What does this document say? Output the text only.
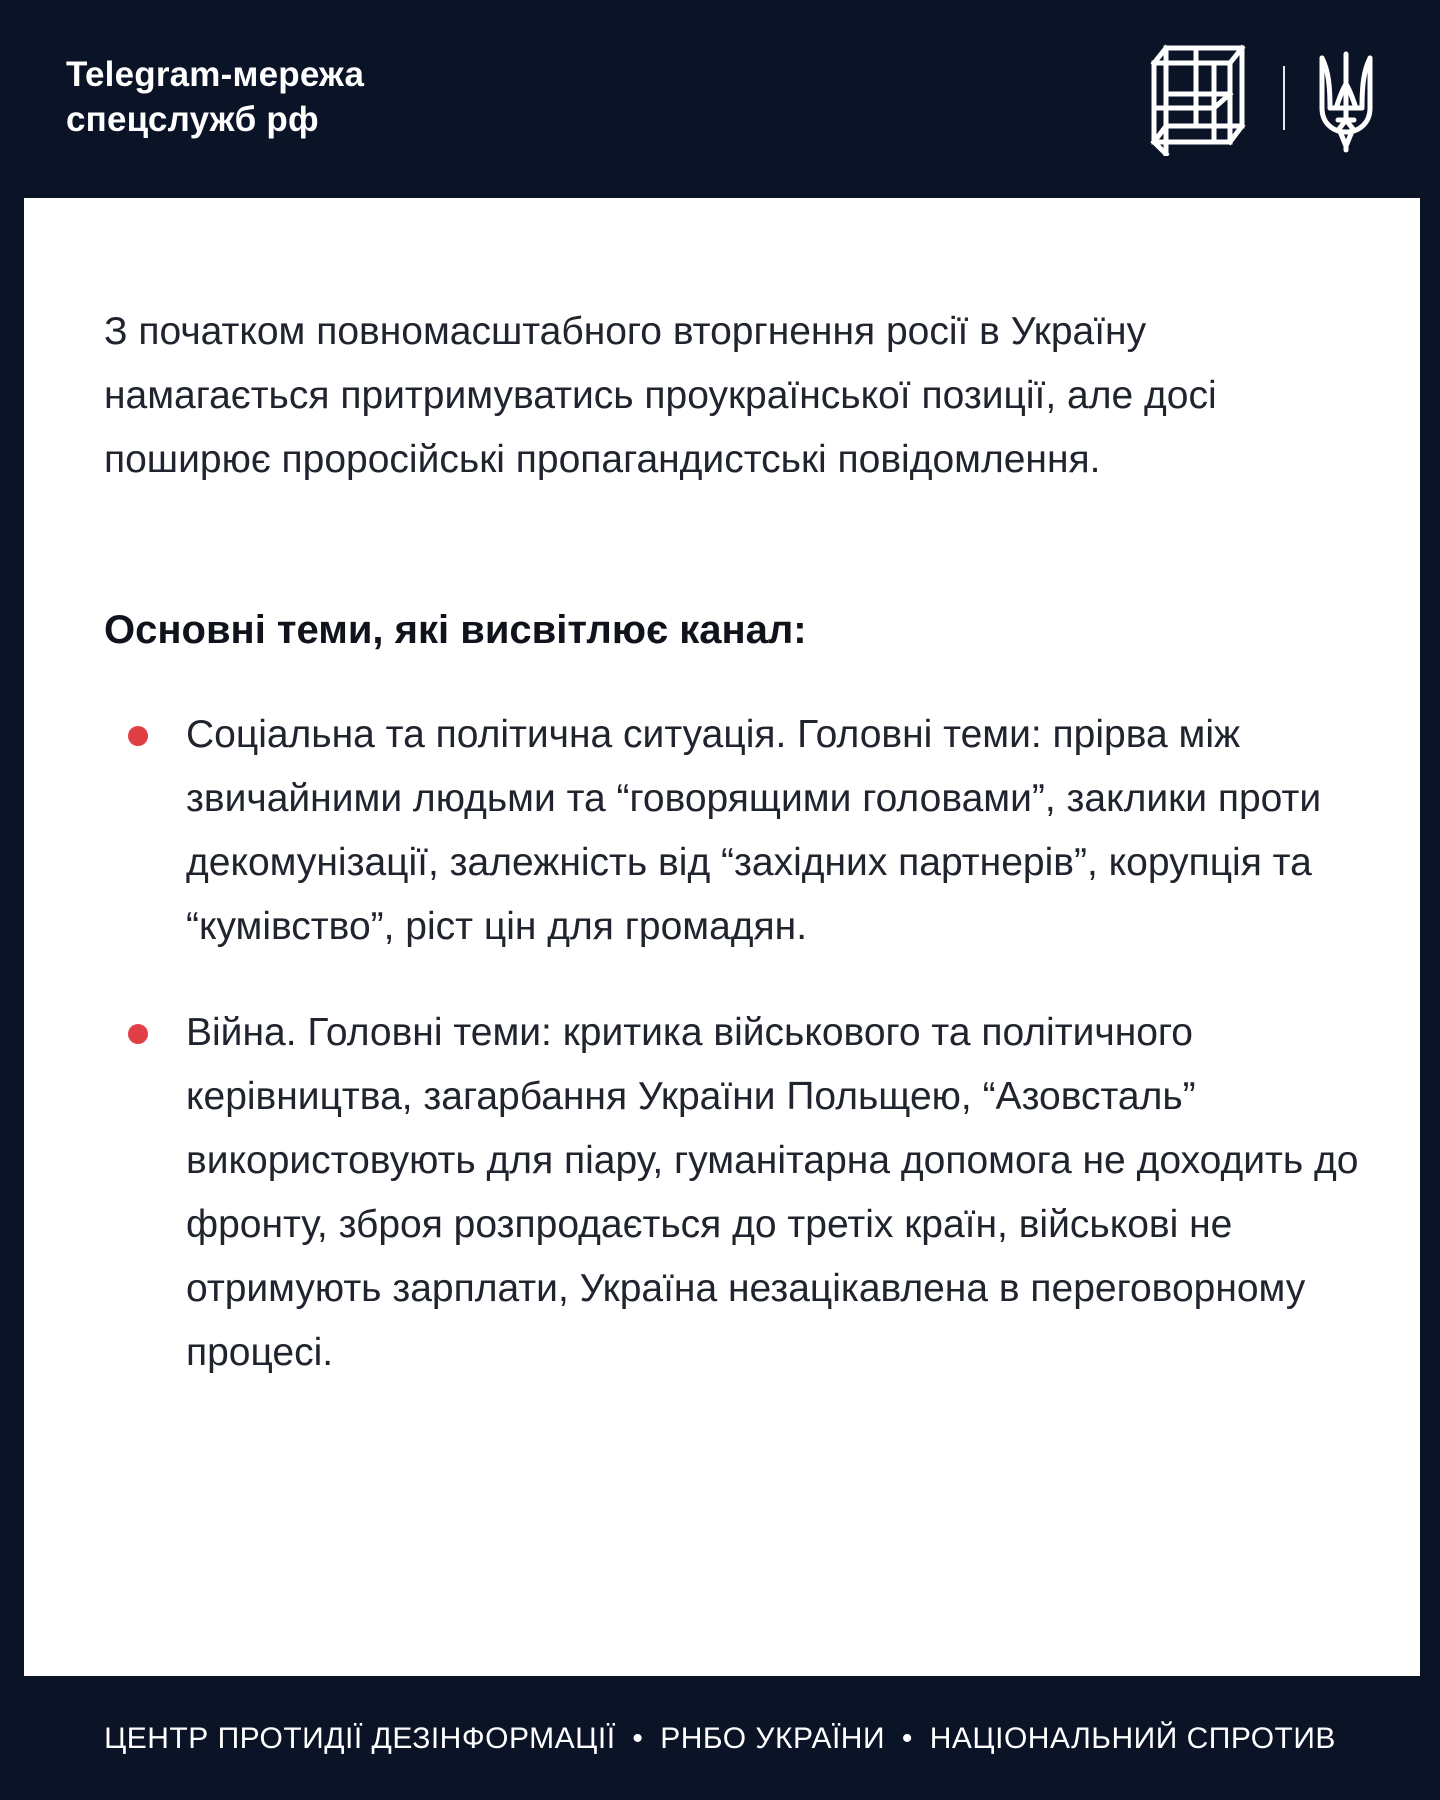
Telegram-мережа
спецслужб рф

З початком повномасштабного вторгнення росії в Україну намагається притримуватись проукраїнської позиції, але досі поширює проросійські пропагандистські повідомлення.

Основні теми, які висвітлює канал:
Соціальна та політична ситуація. Головні теми: прірва між звичайними людьми та “говорящими головами”, заклики проти декомунізації, залежність від “західних партнерів”, корупція та “кумівство”, ріст цін для громадян.
Війна. Головні теми: критика військового та політичного керівництва, загарбання України Польщею, “Азовсталь” використовують для піару, гуманітарна допомога не доходить до фронту, зброя розпродається до третіх країн, військові не отримують зарплати, Україна незацікавлена в переговорному процесі.
ЦЕНТР ПРОТИДІЇ ДЕЗІНФОРМАЦІЇ • РНБО УКРАЇНИ • НАЦІОНАЛЬНИЙ СПРОТИВ
